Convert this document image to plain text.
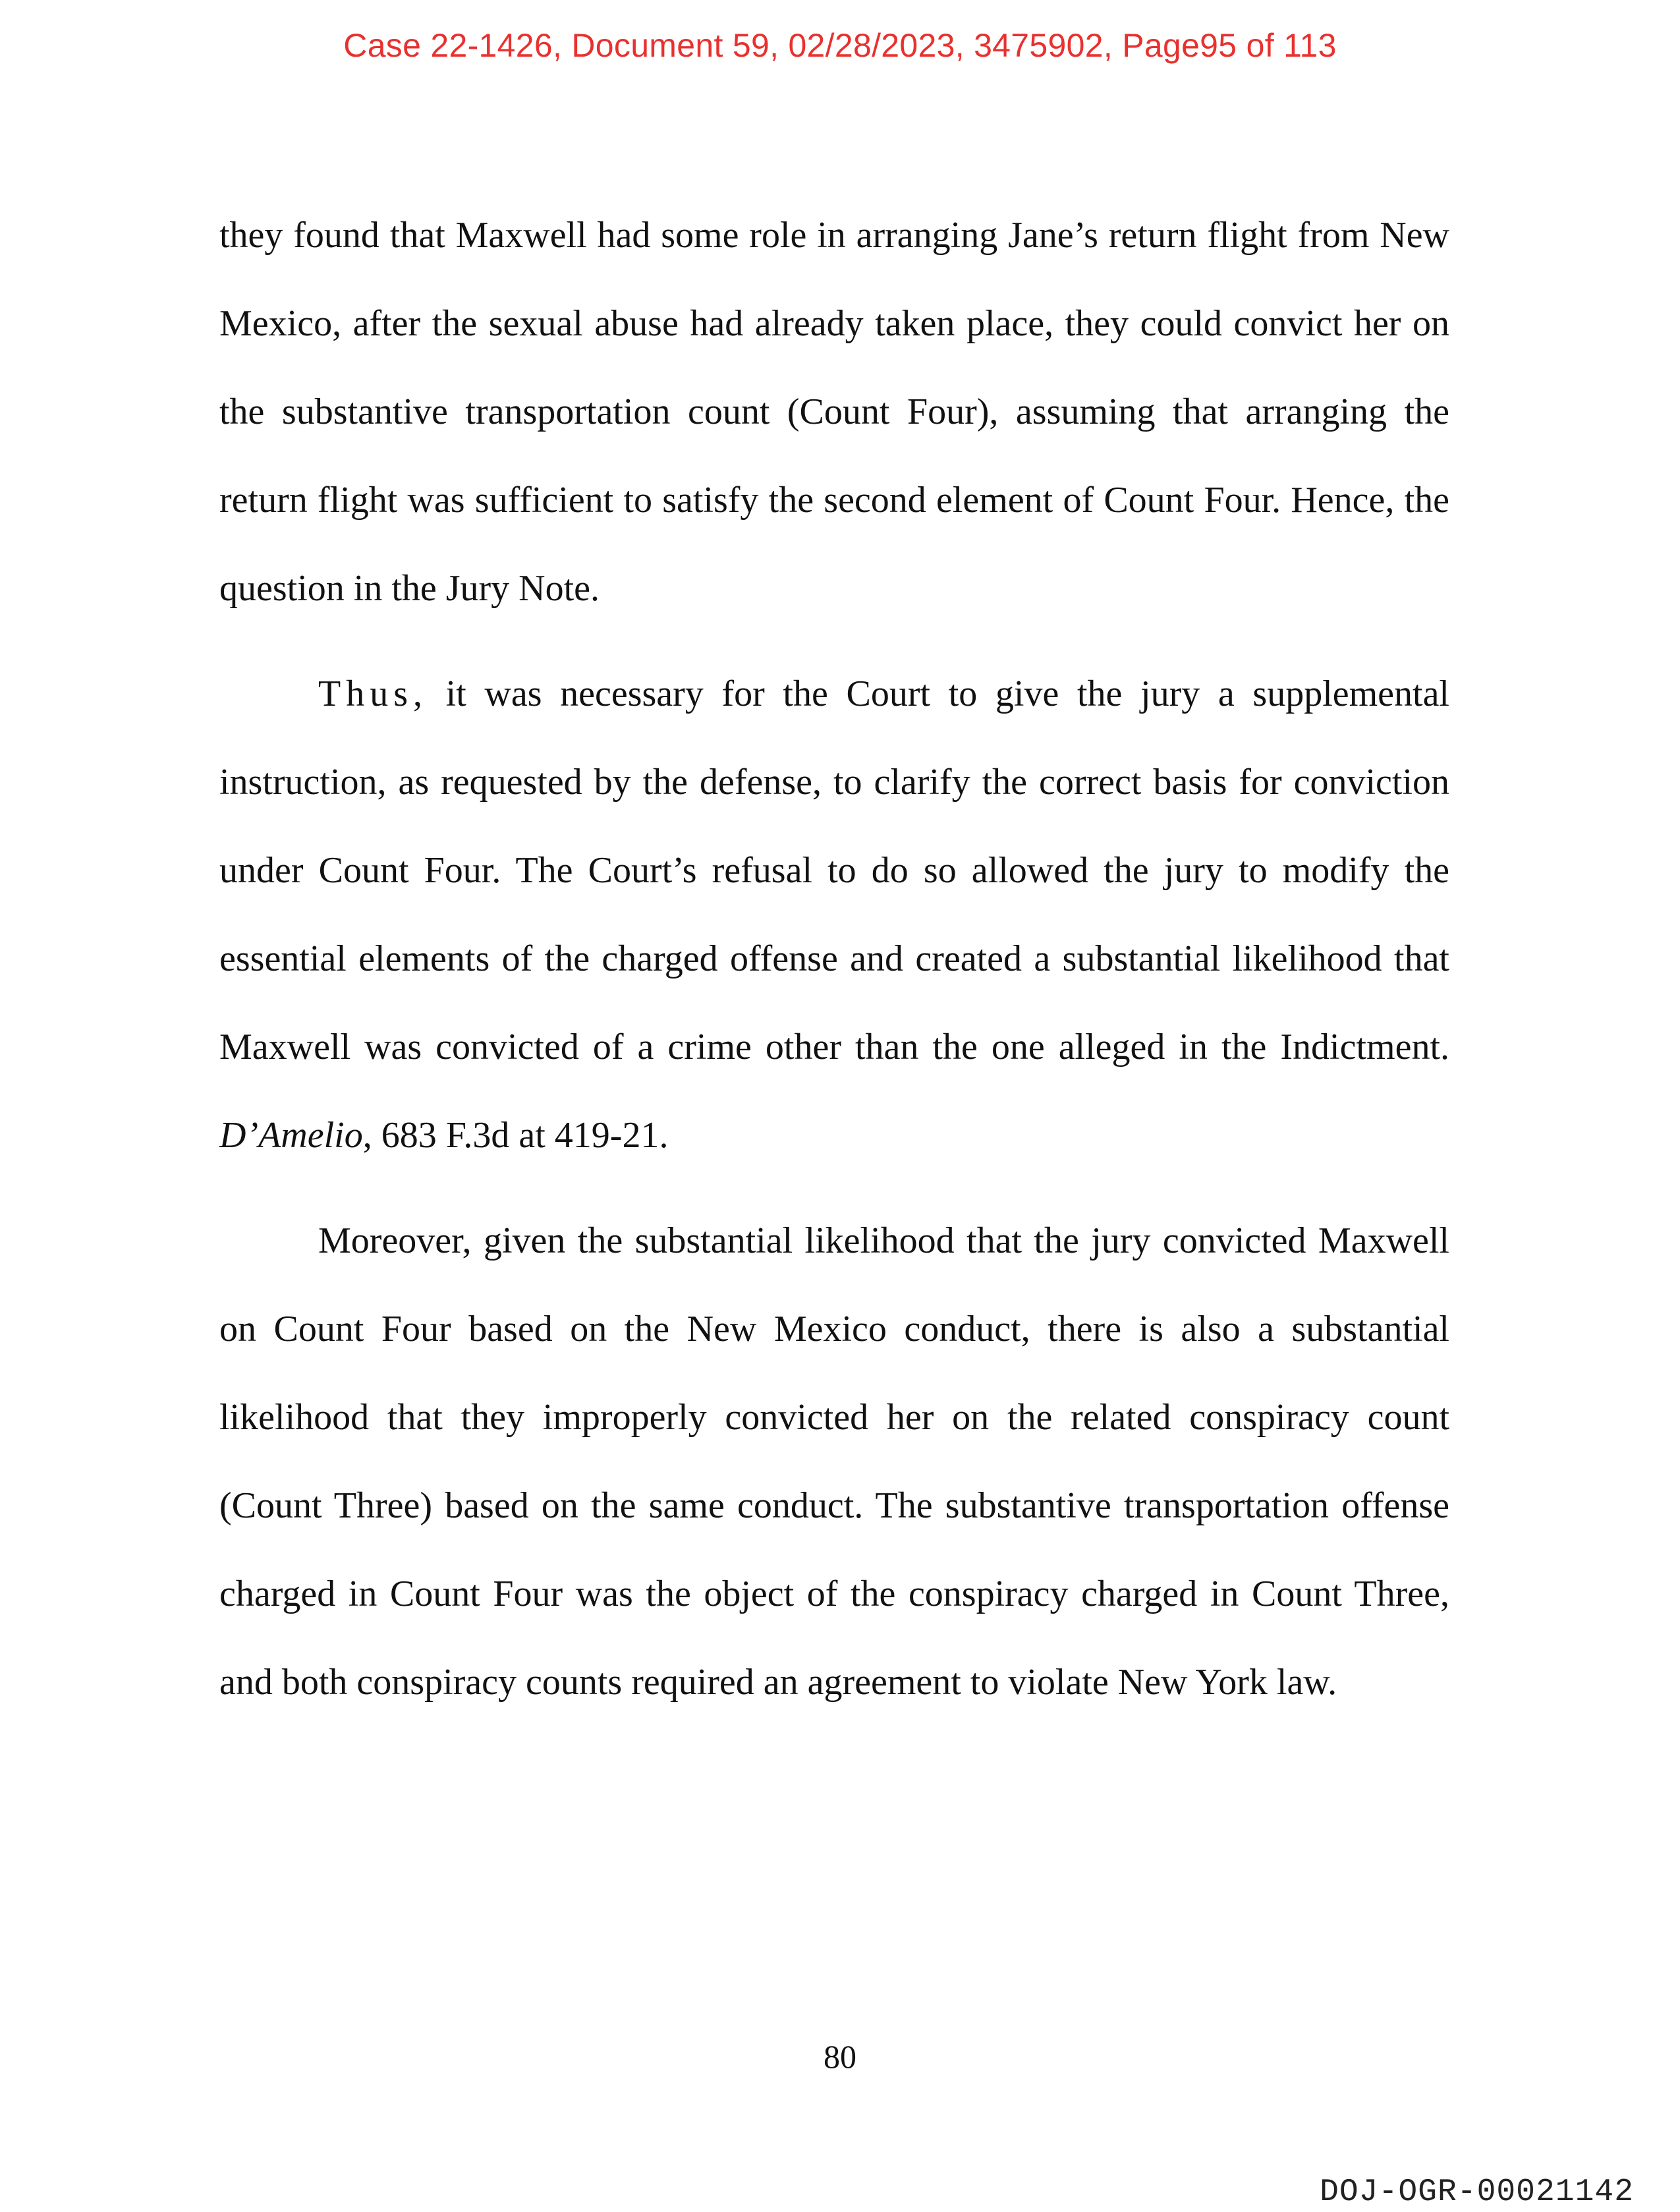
Case 22-1426, Document 59, 02/28/2023, 3475902, Page95 of 113

they found that Maxwell had some role in arranging Jane’s return flight from New Mexico, after the sexual abuse had already taken place, they could convict her on the substantive transportation count (Count Four), assuming that arranging the return flight was sufficient to satisfy the second element of Count Four. Hence, the question in the Jury Note.

Thus, it was necessary for the Court to give the jury a supplemental instruction, as requested by the defense, to clarify the correct basis for conviction under Count Four. The Court’s refusal to do so allowed the jury to modify the essential elements of the charged offense and created a substantial likelihood that Maxwell was convicted of a crime other than the one alleged in the Indictment. D’Amelio, 683 F.3d at 419-21.

Moreover, given the substantial likelihood that the jury convicted Maxwell on Count Four based on the New Mexico conduct, there is also a substantial likelihood that they improperly convicted her on the related conspiracy count (Count Three) based on the same conduct. The substantive transportation offense charged in Count Four was the object of the conspiracy charged in Count Three, and both conspiracy counts required an agreement to violate New York law.

80
DOJ-OGR-00021142
